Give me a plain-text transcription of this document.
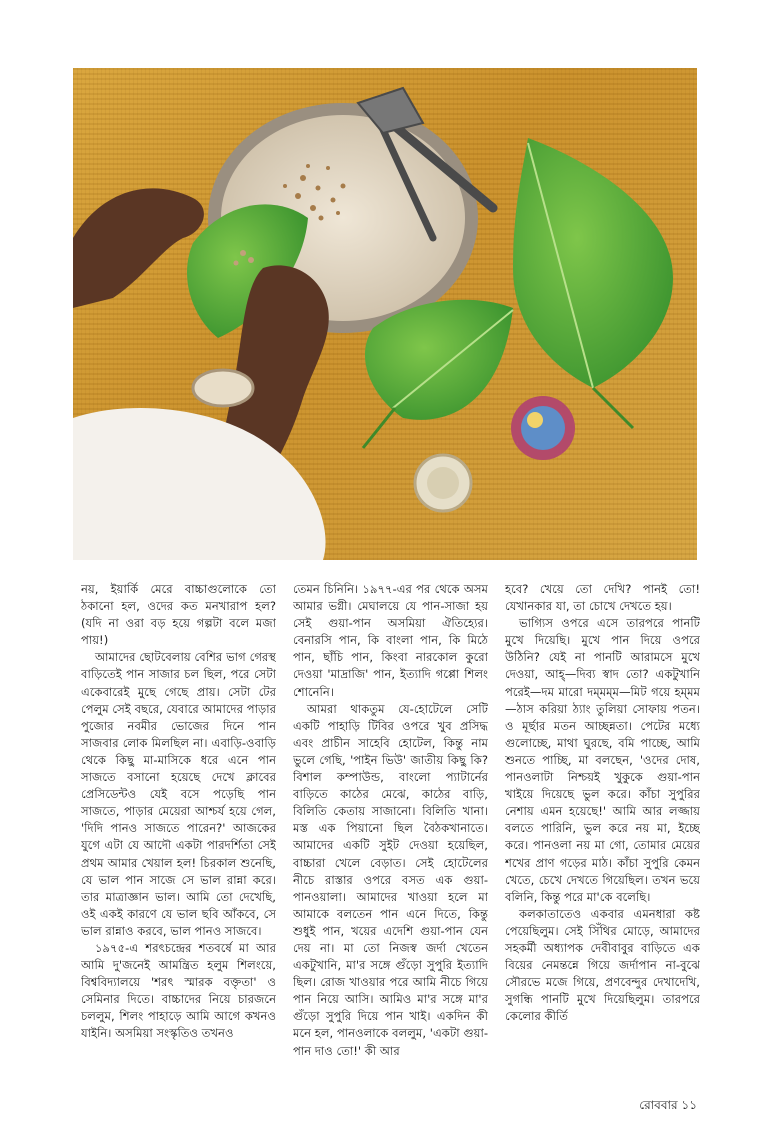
নয়, ইয়ার্কি মেরে বাচ্চাগুলোকে তো ঠকানো হল, ওদের কত মনখারাপ হল? (যদি না ওরা বড় হয়ে গল্পটা বলে মজা পায়!)

আমাদের ছোটবেলায় বেশির ভাগ গেরস্থ বাড়িতেই পান সাজার চল ছিল, পরে সেটা একেবারেই মুছে গেছে প্রায়। সেটা টের পেলুম সেই বছরে, যেবারে আমাদের পাড়ার পুজোর নবমীর ভোজের দিনে পান সাজবার লোক মিলছিল না। এবাড়ি-ওবাড়ি থেকে কিছু মা-মাসিকে ধরে এনে পান সাজতে বসানো হয়েছে দেখে ক্লাবের প্রেসিডেন্টও যেই বসে পড়েছি পান সাজতে, পাড়ার মেয়েরা আশ্চর্য হয়ে গেল, 'দিদি পানও সাজতে পারেন?' আজকের যুগে এটা যে আদৌ একটা পারদর্শিতা সেই প্রথম আমার খেয়াল হল! চিরকাল শুনেছি, যে ভাল পান সাজে সে ভাল রান্না করে। তার মাত্রাজ্ঞান ভাল। আমি তো দেখেছি, ওই একই কারণে যে ভাল ছবি আঁকবে, সে ভাল রান্নাও করবে, ভাল পানও সাজবে।

১৯৭৫-এ শরৎচন্দ্রের শতবর্ষে মা আর আমি দু'জনেই আমন্ত্রিত হলুম শিলংয়ে, বিশ্ববিদ্যালয়ে 'শরৎ স্মারক বক্তৃতা' ও সেমিনার দিতে। বাচ্চাদের নিয়ে চারজনে চললুম, শিলং পাহাড়ে আমি আগে কখনও যাইনি। অসমিয়া সংস্কৃতিও তখনও

তেমন চিনিনি। ১৯৭৭-এর পর থেকে অসম আমার ভগ্নী। মেঘালয়ে যে পান-সাজা হয় সেই গুয়া-পান অসমিয়া ঐতিহ্যের। বেনারসি পান, কি বাংলা পান, কি মিঠে পান, ছাঁচি পান, কিংবা নারকোল কুরো দেওয়া 'মাদ্রাজি' পান, ইত্যাদি গপ্পো শিলং শোনেনি।

আমরা থাকতুম যে-হোটেলে সেটি একটি পাহাড়ি টিবির ওপরে খুব প্রসিদ্ধ এবং প্রাচীন সাহেবি হোটেল, কিন্তু নাম ভুলে গেছি, 'পাইন ভিউ' জাতীয় কিছু কি? বিশাল কম্পাউন্ড, বাংলো প্যাটার্নের বাড়িতে কাঠের মেঝে, কাঠের বাড়ি, বিলিতি কেতায় সাজানো। বিলিতি খানা। মস্ত এক পিয়ানো ছিল বৈঠকখানাতে। আমাদের একটি সুইট দেওয়া হয়েছিল, বাচ্চারা খেলে বেড়াত। সেই হোটেলের নীচে রাস্তার ওপরে বসত এক গুয়া-পানওয়ালা। আমাদের খাওয়া হলে মা আমাকে বলতেন পান এনে দিতে, কিন্তু শুধুই পান, খয়ের এদেশি গুয়া-পান যেন দেয় না। মা তো নিজস্ব জর্দা খেতেন একটুখানি, মা'র সঙ্গে গুঁড়ো সুপুরি ইত্যাদি ছিল। রোজ খাওয়ার পরে আমি নীচে গিয়ে পান নিয়ে আসি। আমিও মা'র সঙ্গে মা'র গুঁড়ো সুপুরি দিয়ে পান খাই। একদিন কী মনে হল, পানওলাকে বললুম, 'একটা গুয়া-পান দাও তো!' কী আর

হবে? খেয়ে তো দেখি? পানই তো! যেখানকার যা, তা চোখে দেখতে হয়।

ভাগ্যিস ওপরে এসে তারপরে পানটি মুখে দিয়েছি। মুখে পান দিয়ে ওপরে উঠিনি? যেই না পানটি আরামসে মুখে দেওয়া, আহ্‌—দিব্য স্বাদ তো? একটুখানি পরেই—দম মারো দম্‌মম্‌ম—মিট গয়ে হম্‌মম—ঠাস করিয়া ঠ্যাং তুলিয়া সোফায় পতন। ও মূর্ছার মতন আচ্ছন্নতা। পেটের মধ্যে গুলোচ্ছে, মাথা ঘুরছে, বমি পাচ্ছে, আমি শুনতে পাচ্ছি, মা বলছেন, 'ওদের দোষ, পানওলাটা নিশ্চয়ই খুকুকে গুয়া-পান খাইয়ে দিয়েছে ভুল করে। কাঁচা সুপুরির নেশায় এমন হয়েছে!' আমি আর লজ্জায় বলতে পারিনি, ভুল করে নয় মা, ইচ্ছে করে। পানওলা নয় মা গো, তোমার মেয়ের শখের প্রাণ গড়ের মাঠ। কাঁচা সুপুরি কেমন খেতে, চেখে দেখতে গিয়েছিল। তখন ভয়ে বলিনি, কিন্তু পরে মা'কে বলেছি।

কলকাতাতেও একবার এমনধারা কষ্ট পেয়েছিলুম। সেই সিঁথির মোড়ে, আমাদের সহকর্মী অধ্যাপক দেবীবাবুর বাড়িতে এক বিয়ের নেমন্তন্নে গিয়ে জর্দাপান না-বুঝে সৌরভে মজে গিয়ে, প্রণবেন্দুর দেখাদেখি, সুগন্ধি পানটি মুখে দিয়েছিলুম। তারপরে কেলোর কীর্তি

রোববার ১১
